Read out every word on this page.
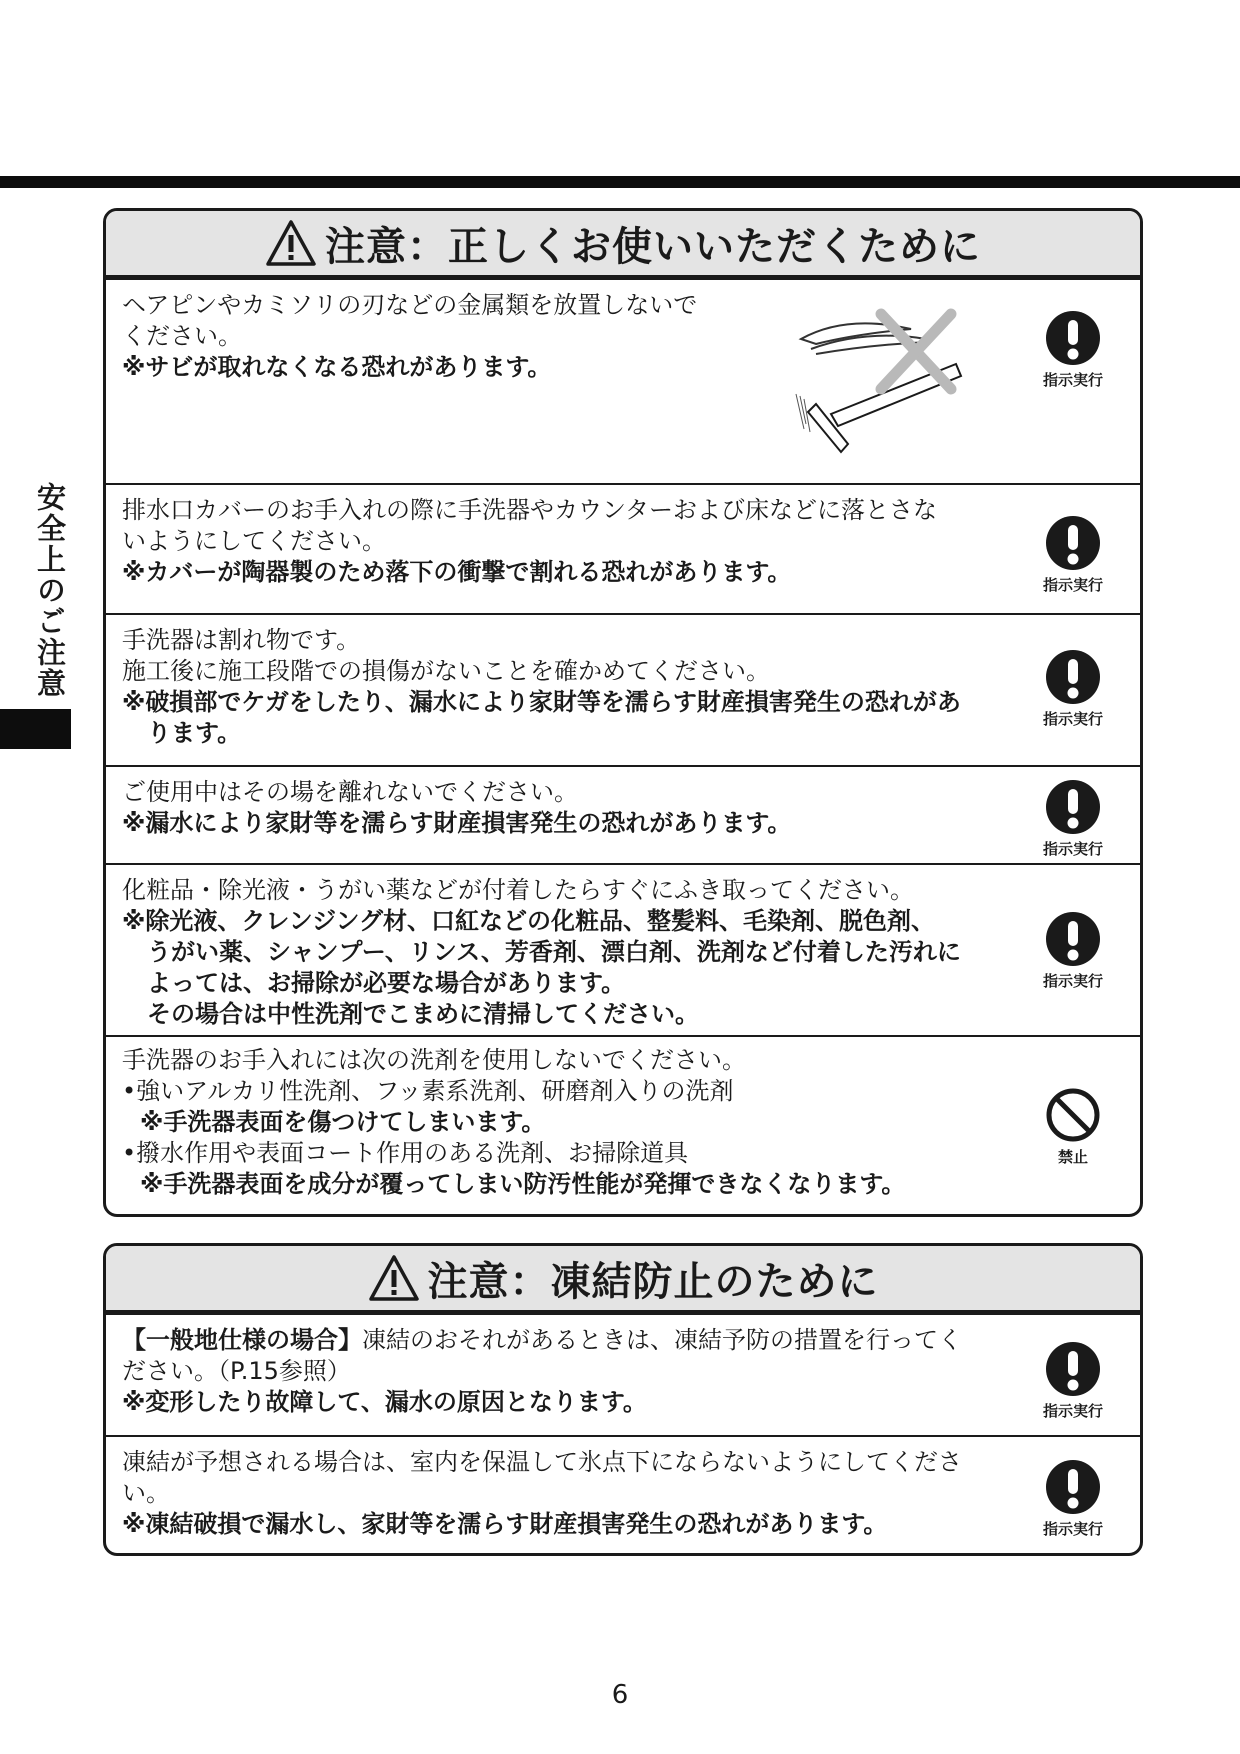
安全上のご注意
注意：正しくお使いいただくために

ヘアピンやカミソリの刃などの金属類を放置しないで

ください。

※サビが取れなくなる恐れがあります。	指示実行

排水口カバーのお手入れの際に手洗器やカウンターおよび床などに落とさな

いようにしてください。

※カバーが陶器製のため落下の衝撃で割れる恐れがあります。	指示実行

手洗器は割れ物です。

施工後に施工段階での損傷がないことを確かめてください。

※破損部でケガをしたり、漏水により家財等を濡らす財産損害発生の恐れがあ

ります。	指示実行

ご使用中はその場を離れないでください。

※漏水により家財等を濡らす財産損害発生の恐れがあります。

指示実行

化粧品・除光液・うがい薬などが付着したらすぐにふき取ってください。

※除光液、クレンジング材、口紅などの化粧品、整髪料、毛染剤、脱色剤、

うがい薬、シャンプー、リンス、芳香剤、漂白剤、洗剤など付着した汚れに

よっては、お掃除が必要な場合があります。

その場合は中性洗剤でこまめに清掃してください。

指示実行

手洗器のお手入れには次の洗剤を使用しないでください。

•強いアルカリ性洗剤、フッ素系洗剤、研磨剤入りの洗剤

※手洗器表面を傷つけてしまいます。

•撥水作用や表面コート作用のある洗剤、お掃除道具

※手洗器表面を成分が覆ってしまい防汚性能が発揮できなくなります。

禁止
注意：凍結防止のために

【一般地仕様の場合】凍結のおそれがあるときは、凍結予防の措置を行ってく

ださい。（P.15参照）

※変形したり故障して、漏水の原因となります。	指示実行

凍結が予想される場合は、室内を保温して氷点下にならないようにしてくださ

い。

※凍結破損で漏水し、家財等を濡らす財産損害発生の恐れがあります。	指示実行
6
